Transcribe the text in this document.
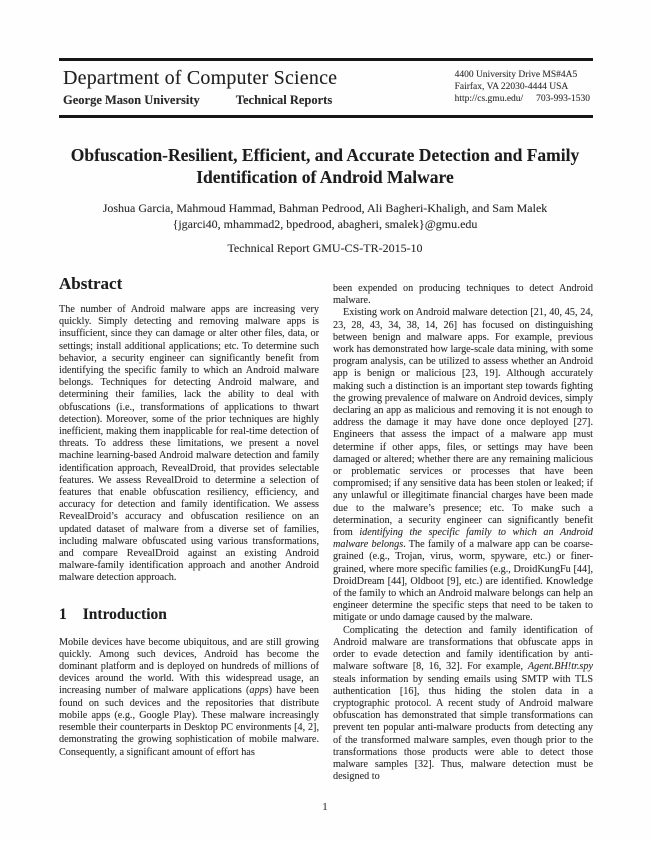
Department of Computer Science
George Mason University	Technical Reports
4400 University Drive MS#4A5
Fairfax, VA 22030-4444 USA
http://cs.gmu.edu/ 703-993-1530
Obfuscation-Resilient, Efficient, and Accurate Detection and Family
Identification of Android Malware
Joshua Garcia, Mahmoud Hammad, Bahman Pedrood, Ali Bagheri-Khaligh, and Sam Malek
{jgarci40, mhammad2, bpedrood, abagheri, smalek}@gmu.edu
Technical Report GMU-CS-TR-2015-10
Abstract

The number of Android malware apps are increasing very quickly. Simply detecting and removing malware apps is insufficient, since they can damage or alter other files, data, or settings; install additional applications; etc. To determine such behavior, a security engineer can significantly benefit from identifying the specific family to which an Android malware belongs. Techniques for detecting Android malware, and determining their families, lack the ability to deal with obfuscations (i.e., transformations of applications to thwart detection). Moreover, some of the prior techniques are highly inefficient, making them inapplicable for real-time detection of threats. To address these limitations, we present a novel machine learning-based Android malware detection and family identification approach, RevealDroid, that provides selectable features. We assess RevealDroid to determine a selection of features that enable obfuscation resiliency, efficiency, and accuracy for detection and family identification. We assess RevealDroid’s accuracy and obfuscation resilience on an updated dataset of malware from a diverse set of families, including malware obfuscated using various transformations, and compare RevealDroid against an existing Android malware-family identification approach and another Android malware detection approach.

1 Introduction

Mobile devices have become ubiquitous, and are still growing quickly. Among such devices, Android has become the dominant platform and is deployed on hundreds of millions of devices around the world. With this widespread usage, an increasing number of malware applications (apps) have been found on such devices and the repositories that distribute mobile apps (e.g., Google Play). These malware increasingly resemble their counterparts in Desktop PC environments [4, 2], demonstrating the growing sophistication of mobile malware. Consequently, a significant amount of effort has

been expended on producing techniques to detect Android malware.

Existing work on Android malware detection [21, 40, 45, 24, 23, 28, 43, 34, 38, 14, 26] has focused on distinguishing between benign and malware apps. For example, previous work has demonstrated how large-scale data mining, with some program analysis, can be utilized to assess whether an Android app is benign or malicious [23, 19]. Although accurately making such a distinction is an important step towards fighting the growing prevalence of malware on Android devices, simply declaring an app as malicious and removing it is not enough to address the damage it may have done once deployed [27]. Engineers that assess the impact of a malware app must determine if other apps, files, or settings may have been damaged or altered; whether there are any remaining malicious or problematic services or processes that have been compromised; if any sensitive data has been stolen or leaked; if any unlawful or illegitimate financial charges have been made due to the malware’s presence; etc. To make such a determination, a security engineer can significantly benefit from identifying the specific family to which an Android malware belongs. The family of a malware app can be coarse-grained (e.g., Trojan, virus, worm, spyware, etc.) or finer-grained, where more specific families (e.g., DroidKungFu [44], DroidDream [44], Oldboot [9], etc.) are identified. Knowledge of the family to which an Android malware belongs can help an engineer determine the specific steps that need to be taken to mitigate or undo damage caused by the malware.

Complicating the detection and family identification of Android malware are transformations that obfuscate apps in order to evade detection and family identification by anti-malware software [8, 16, 32]. For example, Agent.BH!tr.spy steals information by sending emails using SMTP with TLS authentication [16], thus hiding the stolen data in a cryptographic protocol. A recent study of Android malware obfuscation has demonstrated that simple transformations can prevent ten popular anti-malware products from detecting any of the transformed malware samples, even though prior to the transformations those products were able to detect those malware samples [32]. Thus, malware detection must be designed to

1
